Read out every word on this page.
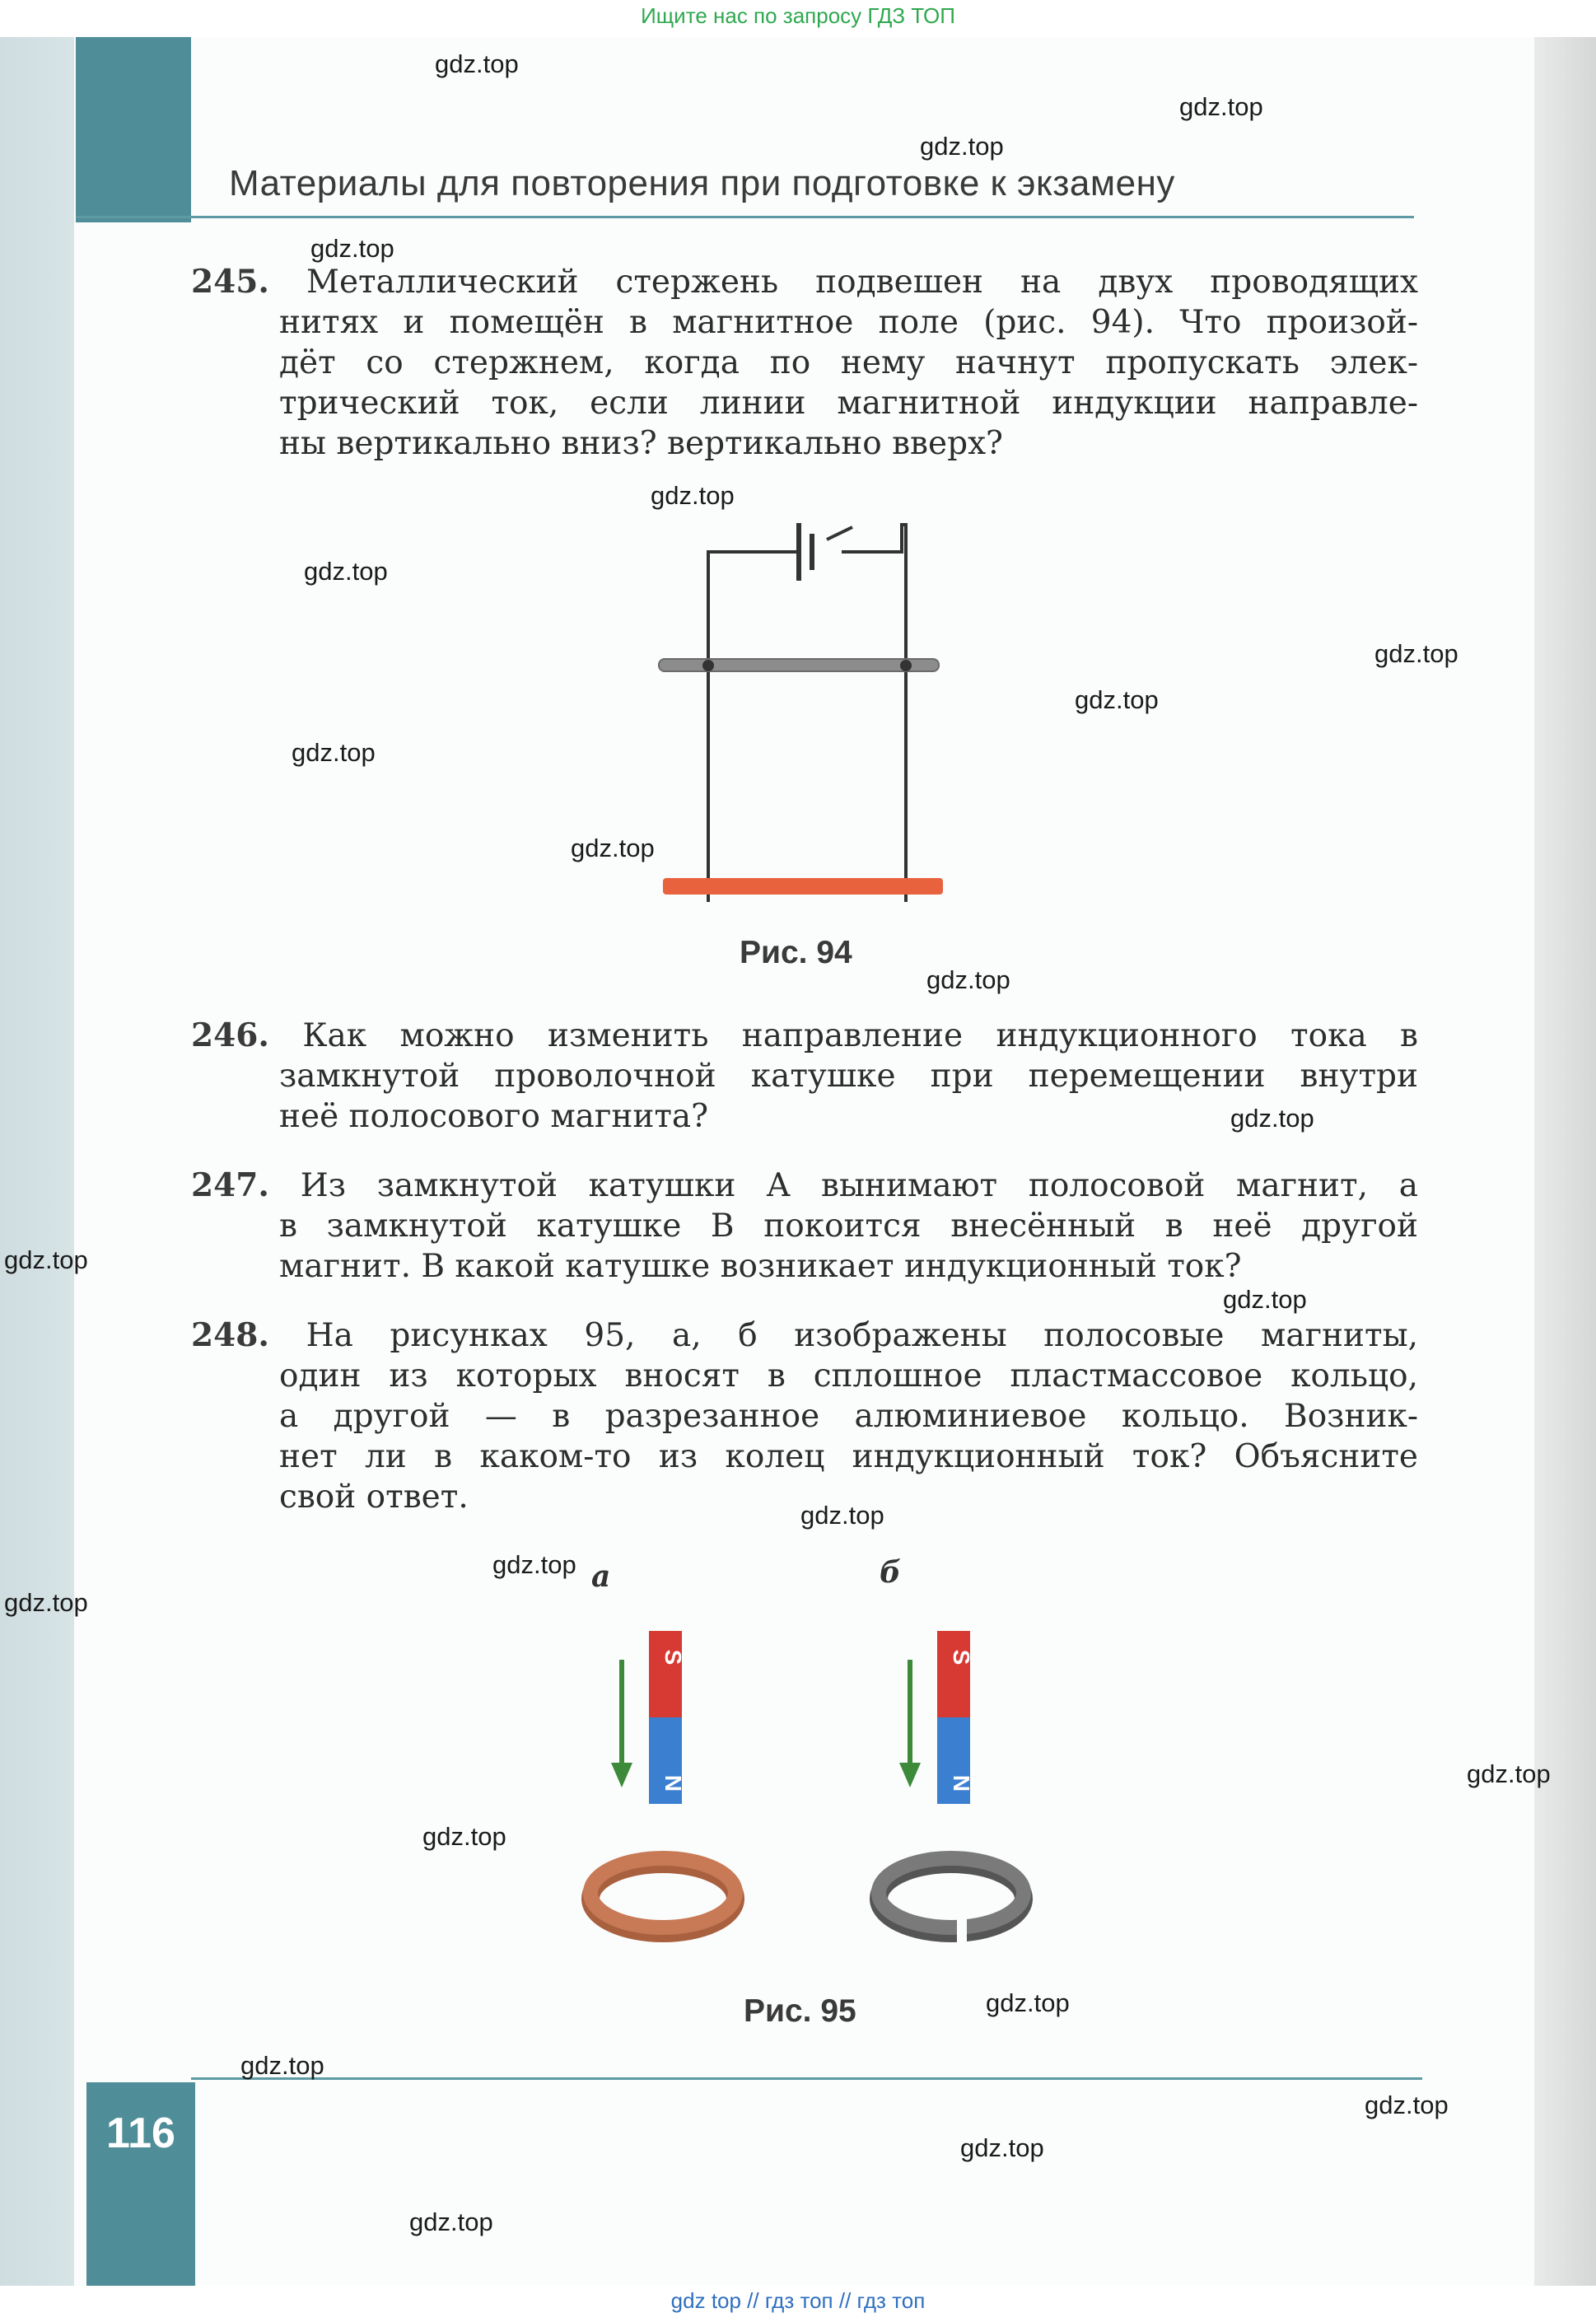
Ищите нас по запросу ГДЗ ТОП
Материалы для повторения при подготовке к экзамену
245. Металлический стержень подвешен на двух проводящих
нитях и помещён в магнитное поле (рис. 94). Что произой-
дёт со стержнем, когда по нему начнут пропускать элек-
трический ток, если линии магнитной индукции направле-
ны вертикально вниз? вертикально вверх?
Рис. 94
246. Как можно изменить направление индукционного тока в
замкнутой проволочной катушке при перемещении внутри
неё полосового магнита?
247. Из замкнутой катушки A вынимают полосовой магнит, а
в замкнутой катушке B покоится внесённый в неё другой
магнит. В какой катушке возникает индукционный ток?
248. На рисунках 95, а, б изображены полосовые магниты,
один из которых вносят в сплошное пластмассовое кольцо,
а другой — в разрезанное алюминиевое кольцо. Возник-
нет ли в каком-то из колец индукционный ток? Объясните
свой ответ.
а	б
S
N
S
N
Рис. 95
116
gdz top // гдз топ // гдз топ
gdz.top
gdz.top
gdz.top
gdz.top
gdz.top
gdz.top
gdz.top
gdz.top
gdz.top
gdz.top
gdz.top
gdz.top
gdz.top
gdz.top
gdz.top
gdz.top
gdz.top
gdz.top
gdz.top
gdz.top
gdz.top
gdz.top
gdz.top
gdz.top
